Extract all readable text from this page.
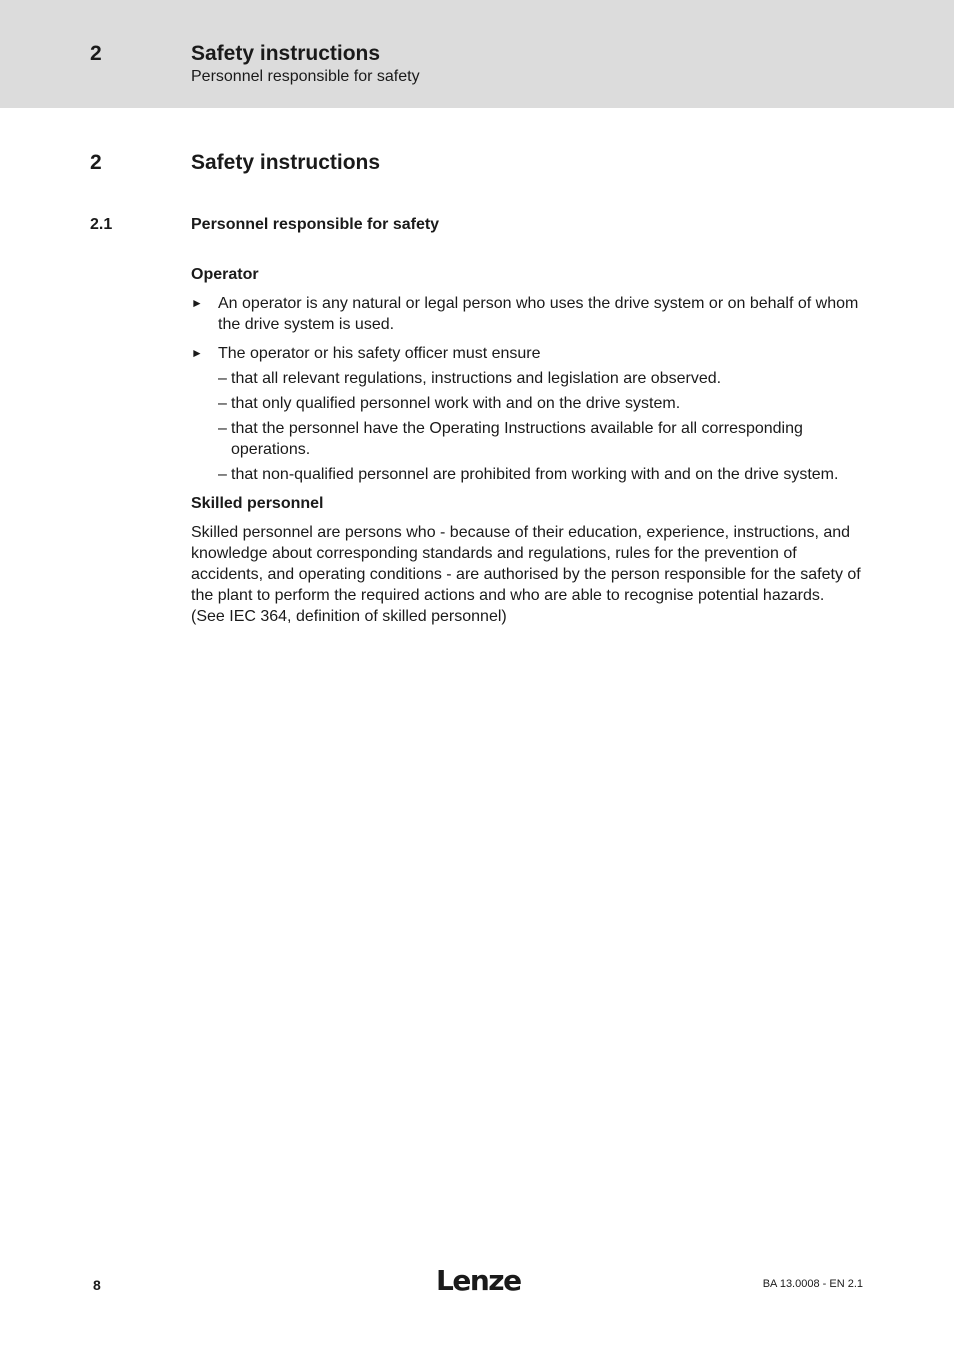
2	Safety instructions
Personnel responsible for safety
2	Safety instructions
2.1	Personnel responsible for safety
Operator
► An operator is any natural or legal person who uses the drive system or on behalf of whom the drive system is used.
► The operator or his safety officer must ensure
– that all relevant regulations, instructions and legislation are observed.
– that only qualified personnel work with and on the drive system.
– that the personnel have the Operating Instructions available for all corresponding operations.
– that non-qualified personnel are prohibited from working with and on the drive system.
Skilled personnel

Skilled personnel are persons who - because of their education, experience, instructions, and knowledge about corresponding standards and regulations, rules for the prevention of accidents, and operating conditions - are authorised by the person responsible for the safety of the plant to perform the required actions and who are able to recognise potential hazards.

(See IEC 364, definition of skilled personnel)

8	Lenze	BA 13.0008 - EN 2.1
